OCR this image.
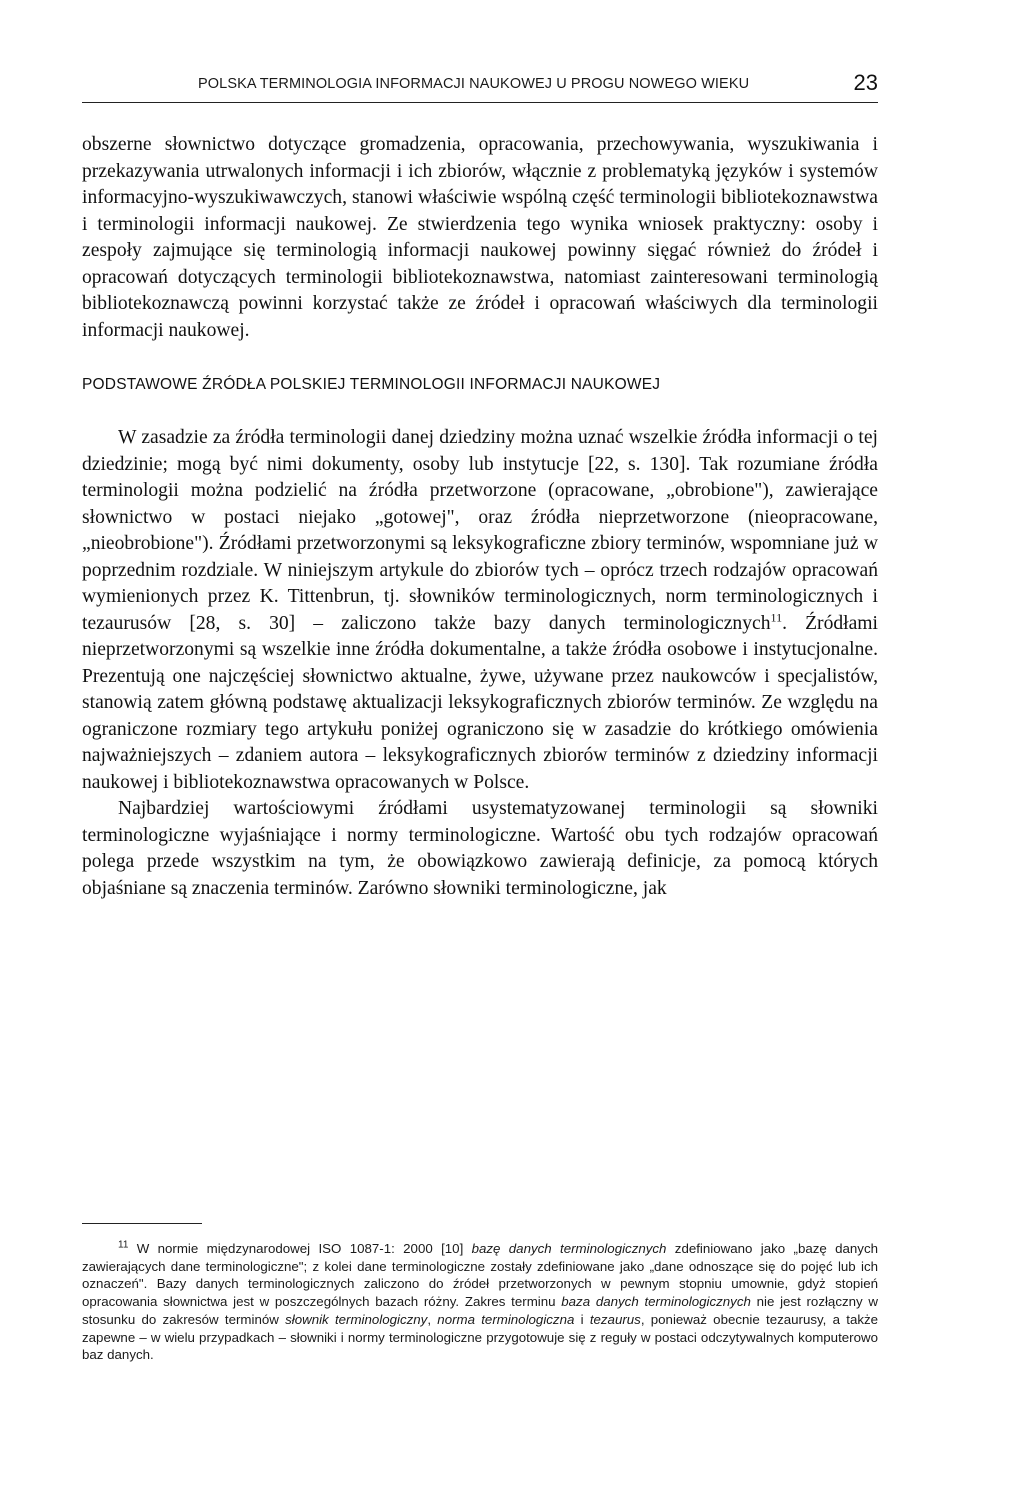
POLSKA TERMINOLOGIA INFORMACJI NAUKOWEJ U PROGU NOWEGO WIEKU	23

obszerne słownictwo dotyczące gromadzenia, opracowania, przechowywania, wyszukiwania i przekazywania utrwalonych informacji i ich zbiorów, włącznie z problematyką języków i systemów informacyjno-wyszukiwawczych, stanowi właściwie wspólną część terminologii bibliotekoznawstwa i terminologii informacji naukowej. Ze stwierdzenia tego wynika wniosek praktyczny: osoby i zespoły zajmujące się terminologią informacji naukowej powinny sięgać również do źródeł i opracowań dotyczących terminologii bibliotekoznawstwa, natomiast zainteresowani terminologią bibliotekoznawczą powinni korzystać także ze źródeł i opracowań właściwych dla terminologii informacji naukowej.

PODSTAWOWE ŹRÓDŁA POLSKIEJ TERMINOLOGII INFORMACJI NAUKOWEJ

W zasadzie za źródła terminologii danej dziedziny można uznać wszelkie źródła informacji o tej dziedzinie; mogą być nimi dokumenty, osoby lub instytucje [22, s. 130]. Tak rozumiane źródła terminologii można podzielić na źródła przetworzone (opracowane, „obrobione"), zawierające słownictwo w postaci niejako „gotowej", oraz źródła nieprzetworzone (nieopracowane, „nieobrobione"). Źródłami przetworzonymi są leksykograficzne zbiory terminów, wspomniane już w poprzednim rozdziale. W niniejszym artykule do zbiorów tych – oprócz trzech rodzajów opracowań wymienionych przez K. Tittenbrun, tj. słowników terminologicznych, norm terminologicznych i tezaurusów [28, s. 30] – zaliczono także bazy danych terminologicznych$^{11}$. Źródłami nieprzetworzonymi są wszelkie inne źródła dokumentalne, a także źródła osobowe i instytucjonalne. Prezentują one najczęściej słownictwo aktualne, żywe, używane przez naukowców i specjalistów, stanowią zatem główną podstawę aktualizacji leksykograficznych zbiorów terminów. Ze względu na ograniczone rozmiary tego artykułu poniżej ograniczono się w zasadzie do krótkiego omówienia najważniejszych – zdaniem autora – leksykograficznych zbiorów terminów z dziedziny informacji naukowej i bibliotekoznawstwa opracowanych w Polsce.

Najbardziej wartościowymi źródłami usystematyzowanej terminologii są słowniki terminologiczne wyjaśniające i normy terminologiczne. Wartość obu tych rodzajów opracowań polega przede wszystkim na tym, że obowiązkowo zawierają definicje, za pomocą których objaśniane są znaczenia terminów. Zarówno słowniki terminologiczne, jak

$^{11}$ W normie międzynarodowej ISO 1087-1: 2000 [10] bazę danych terminologicznych zdefiniowano jako „bazę danych zawierających dane terminologiczne"; z kolei dane terminologiczne zostały zdefiniowane jako „dane odnoszące się do pojęć lub ich oznaczeń". Bazy danych terminologicznych zaliczono do źródeł przetworzonych w pewnym stopniu umownie, gdyż stopień opracowania słownictwa jest w poszczególnych bazach różny. Zakres terminu baza danych terminologicznych nie jest rozłączny w stosunku do zakresów terminów słownik terminologiczny, norma terminologiczna i tezaurus, ponieważ obecnie tezaurusy, a także zapewne – w wielu przypadkach – słowniki i normy terminologiczne przygotowuje się z reguły w postaci odczytywalnych komputerowo baz danych.
